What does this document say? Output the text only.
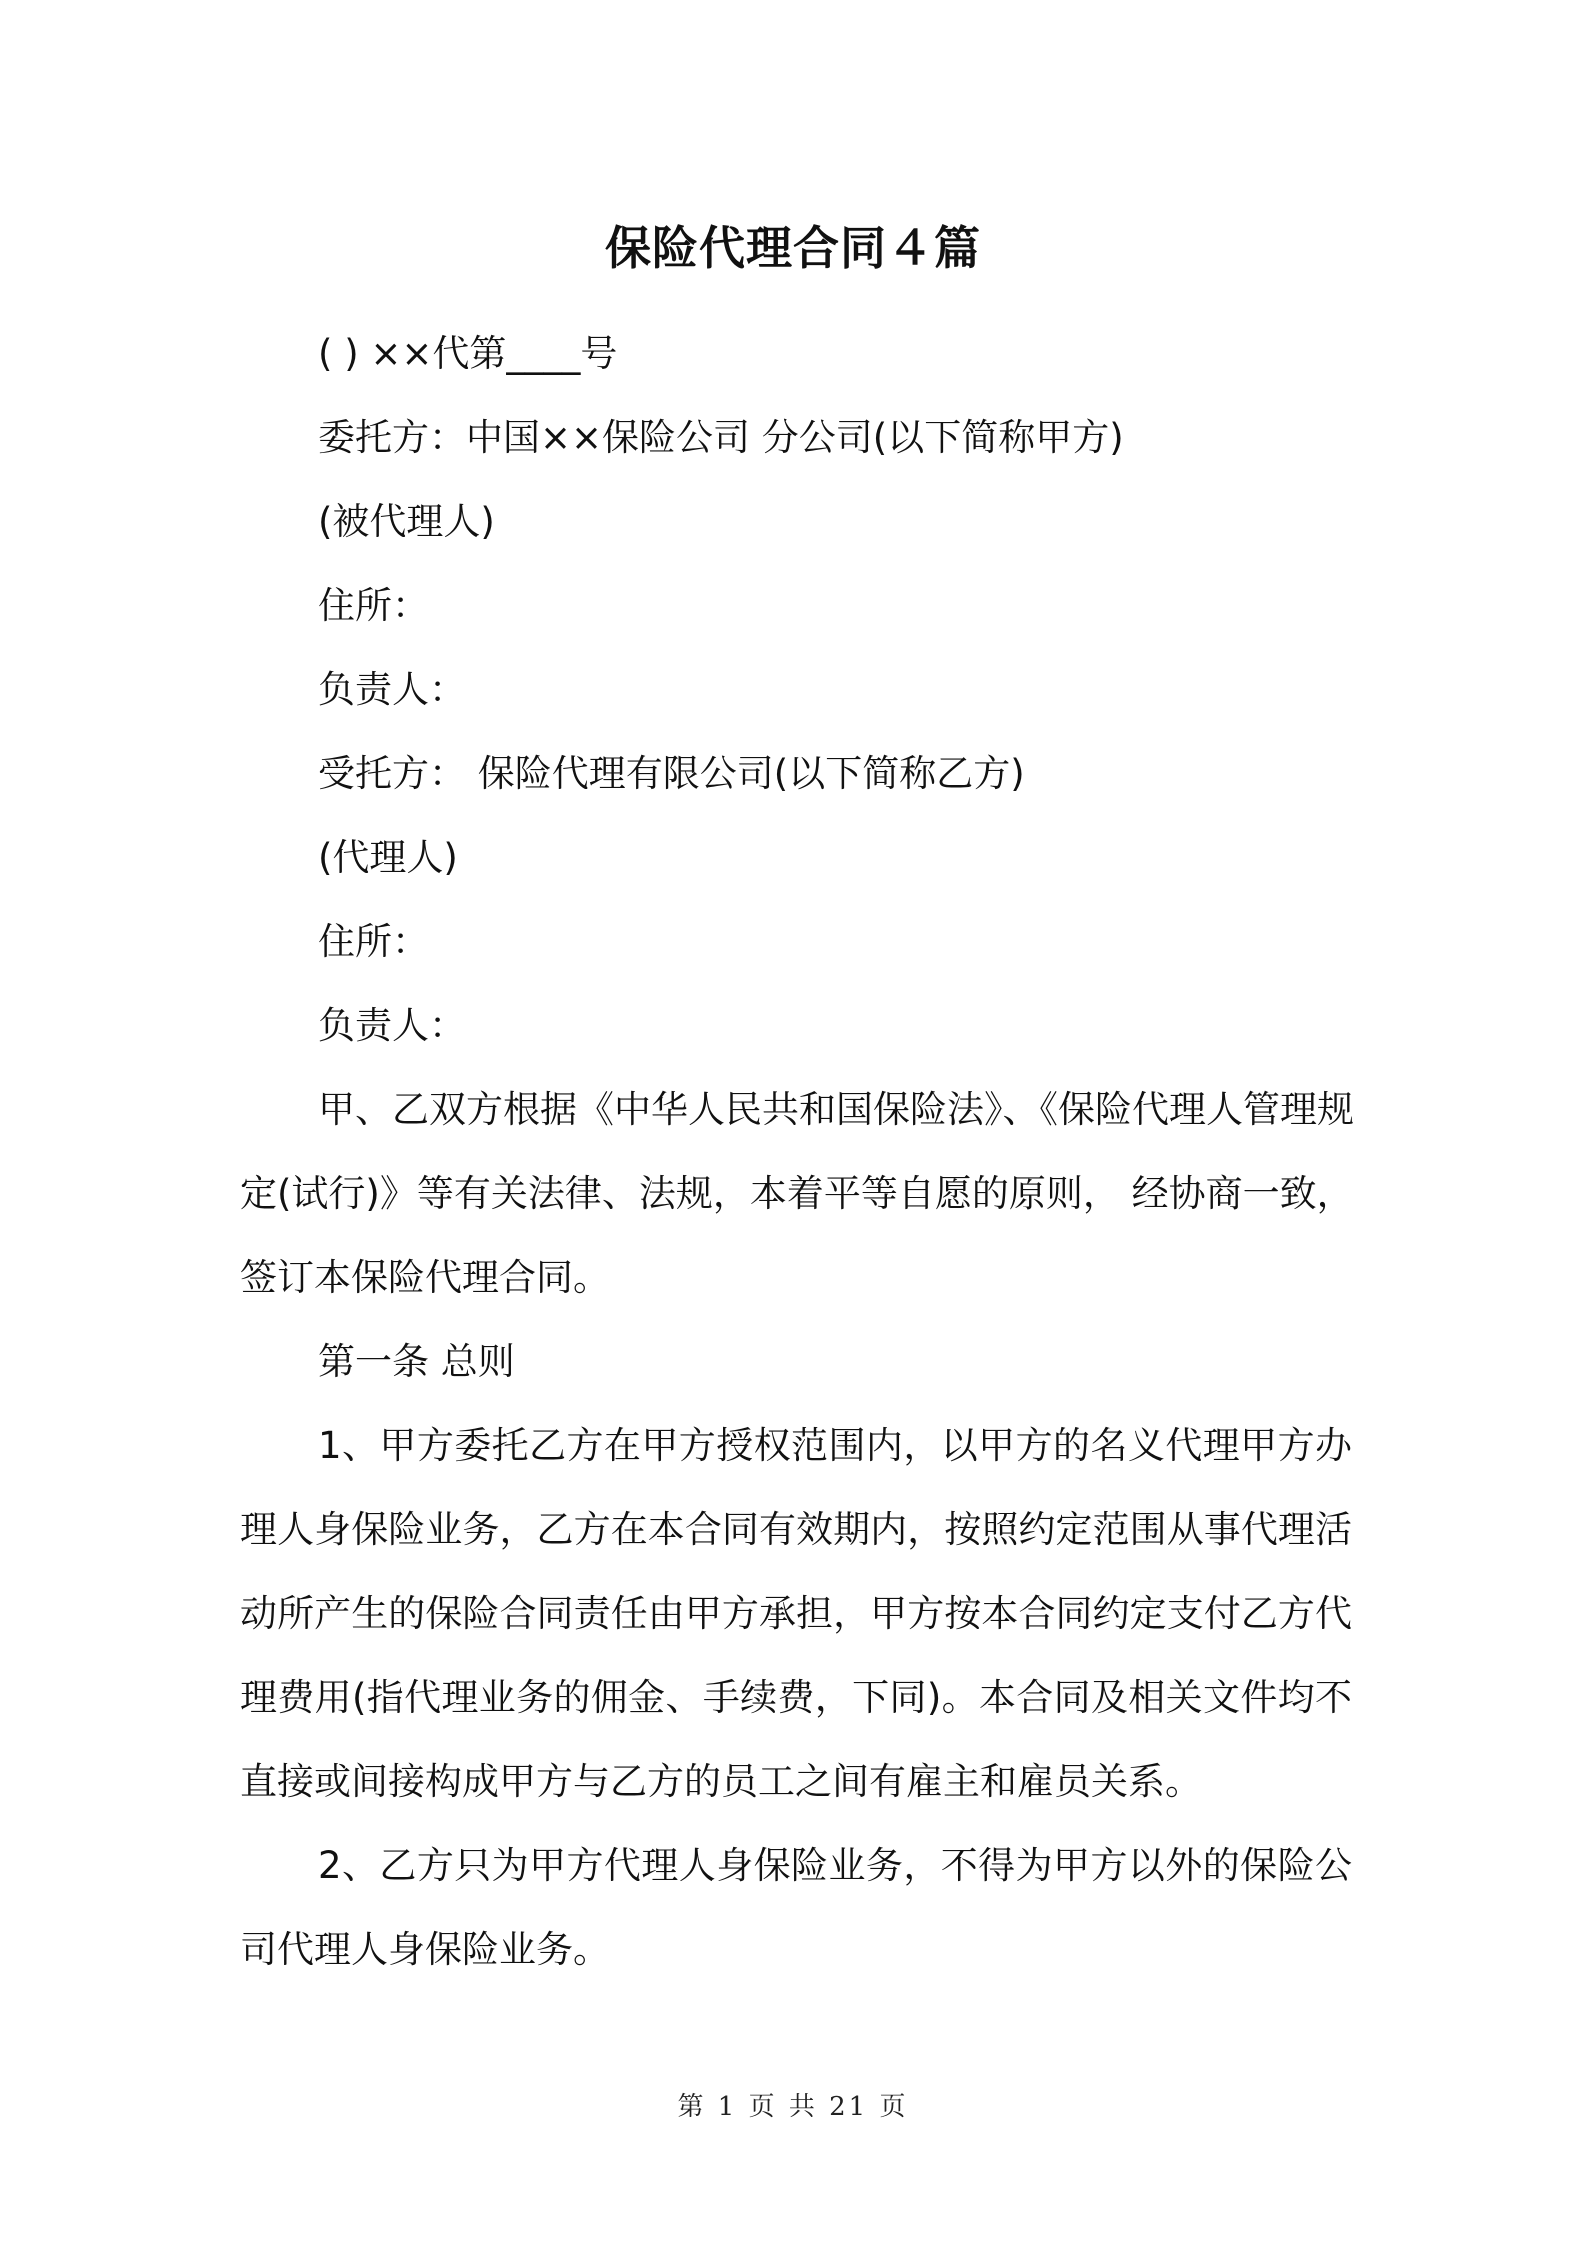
保险代理合同４篇
( ) ××代第____号
委托方：中国××保险公司 分公司(以下简称甲方)
(被代理人)
住所：
负责人：
受托方： 保险代理有限公司(以下简称乙方)
(代理人)
住所：
负责人：
甲、乙双方根据《中华人民共和国保险法》、《保险代理人管理规
定(试行)》等有关法律、法规，本着平等自愿的原则， 经协商一致，
签订本保险代理合同。
第一条 总则
1、甲方委托乙方在甲方授权范围内，以甲方的名义代理甲方办
理人身保险业务，乙方在本合同有效期内，按照约定范围从事代理活
动所产生的保险合同责任由甲方承担，甲方按本合同约定支付乙方代
理费用(指代理业务的佣金、手续费，下同)。本合同及相关文件均不
直接或间接构成甲方与乙方的员工之间有雇主和雇员关系。
2、乙方只为甲方代理人身保险业务，不得为甲方以外的保险公
司代理人身保险业务。
第 1 页 共 21 页
